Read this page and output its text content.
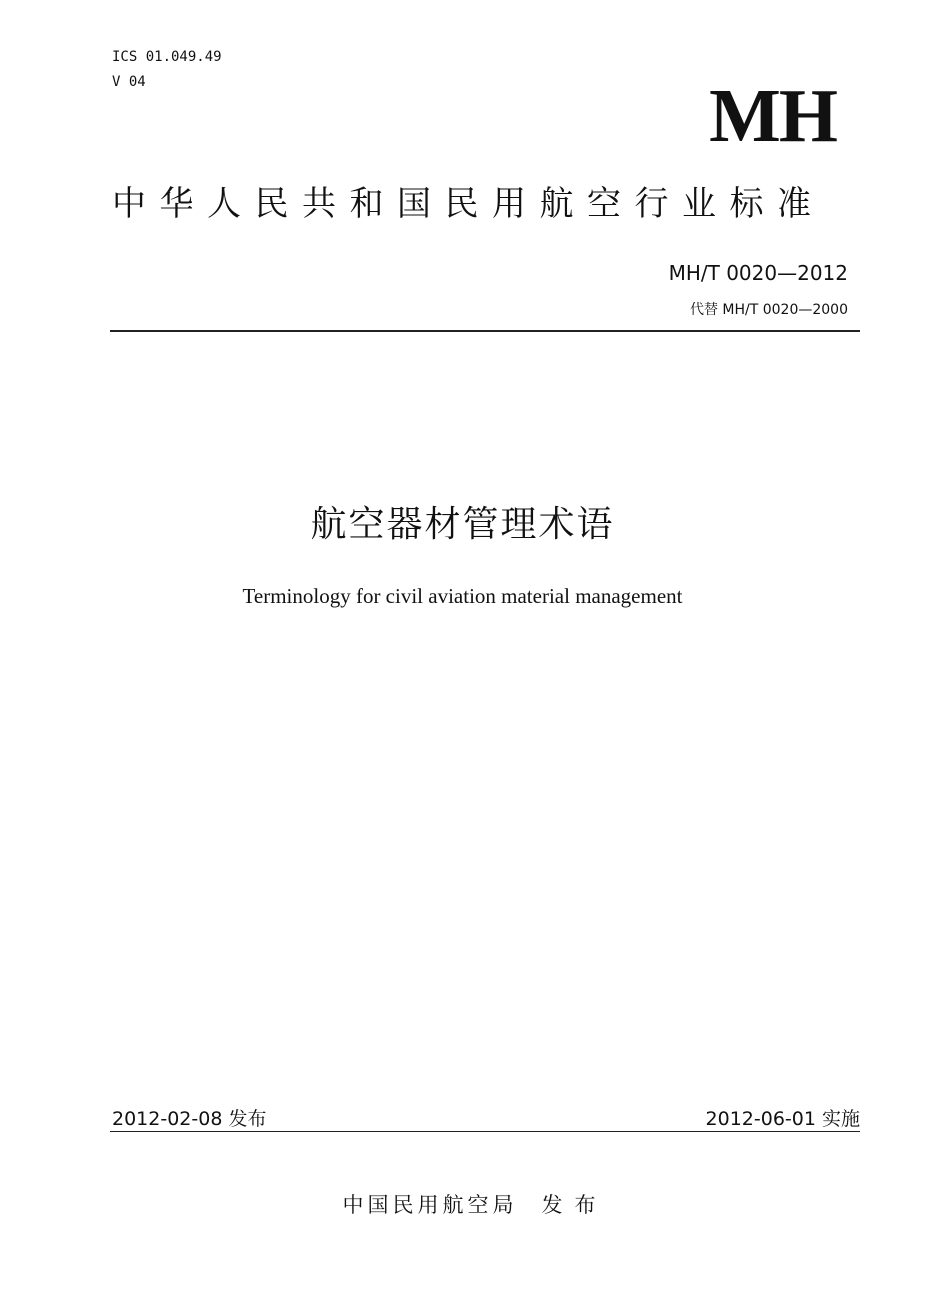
ICS 01.049.49
V 04	MH
中华人民共和国民用航空行业标准
MH/T 0020—2012
代替 MH/T 0020—2000
航空器材管理术语
Terminology for civil aviation material management
2012-02-08 发布	2012-06-01 实施
中国民用航空局 发布
